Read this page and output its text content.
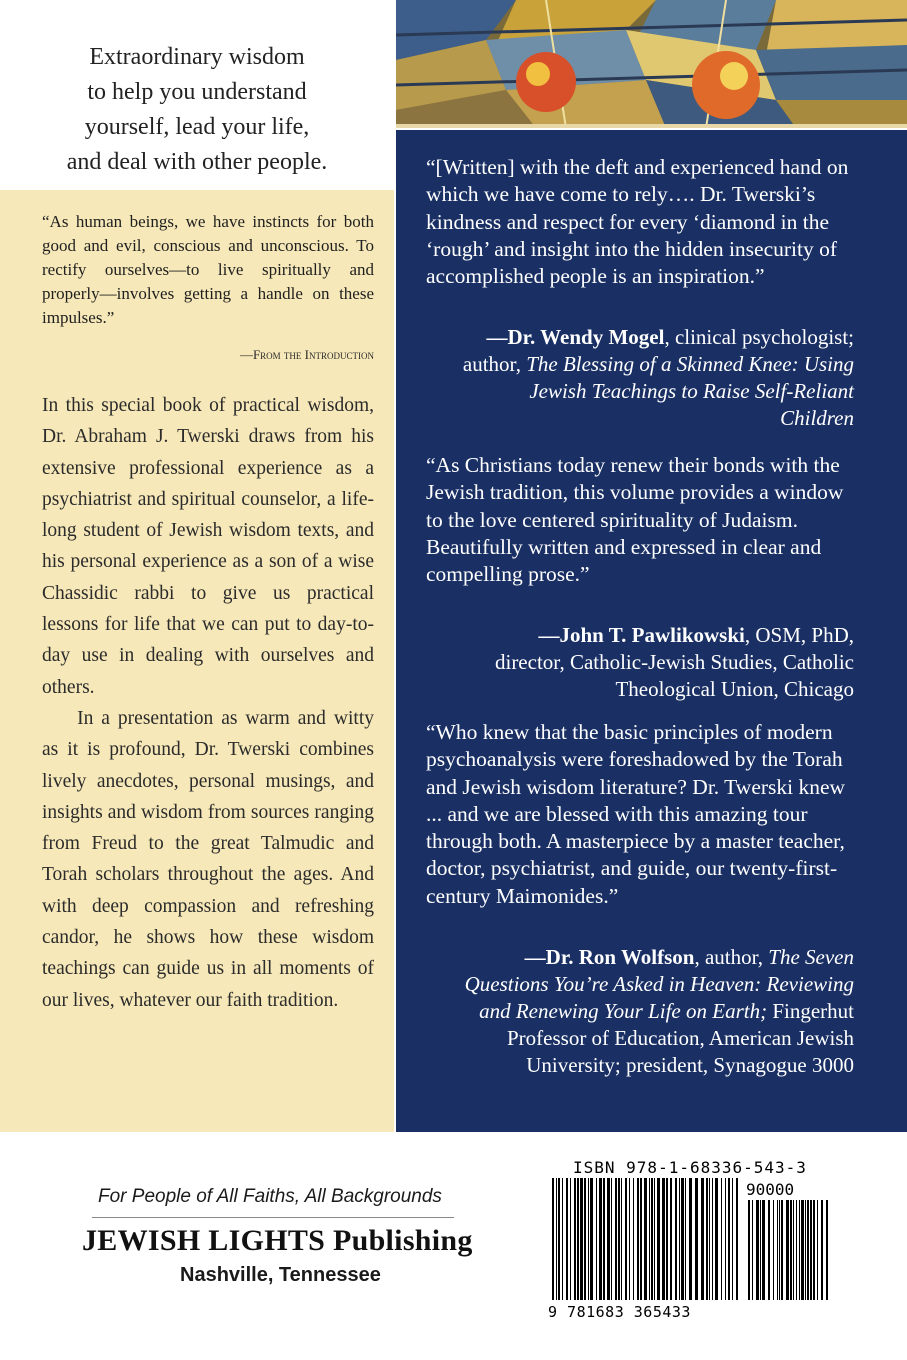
Extraordinary wisdom
to help you understand
yourself, lead your life,
and deal with other people.
“As human beings, we have instincts for both good and evil, conscious and unconscious. To rectify ourselves—to live spiritually and properly—involves getting a handle on these impulses.”
—From the Introduction

In this special book of practical wisdom, Dr. Abraham J. Twerski draws from his extensive professional experience as a psychiatrist and spiritual counselor, a life-long student of Jewish wisdom texts, and his personal experience as a son of a wise Chassidic rabbi to give us practical lessons for life that we can put to day-to-day use in dealing with ourselves and others.

In a presentation as warm and witty as it is profound, Dr. Twerski combines lively anecdotes, personal musings, and insights and wisdom from sources ranging from Freud to the great Talmudic and Torah scholars throughout the ages. And with deep compassion and refreshing candor, he shows how these wisdom teachings can guide us in all moments of our lives, whatever our faith tradition.

“[Written] with the deft and experienced hand on which we have come to rely…. Dr. Twerski’s kindness and respect for every ‘diamond in the ‘rough’ and insight into the hidden insecurity of accomplished people is an inspiration.”
—Dr. Wendy Mogel, clinical psychologist; author, The Blessing of a Skinned Knee: Using Jewish Teachings to Raise Self-Reliant Children
“As Christians today renew their bonds with the Jewish tradition, this volume provides a window to the love centered spirituality of Judaism. Beautifully written and expressed in clear and compelling prose.”
—John T. Pawlikowski, OSM, PhD, director, Catholic-Jewish Studies, Catholic Theological Union, Chicago
“Who knew that the basic principles of modern psychoanalysis were foreshadowed by the Torah and Jewish wisdom literature? Dr. Twerski knew ... and we are blessed with this amazing tour through both. A masterpiece by a master teacher, doctor, psychiatrist, and guide, our twenty-first-century Maimonides.”
—Dr. Ron Wolfson, author, The Seven Questions You’re Asked in Heaven: Reviewing and Renewing Your Life on Earth; Fingerhut Professor of Education, American Jewish University; president, Synagogue 3000
For People of All Faiths, All Backgrounds
JEWISH LIGHTS Publishing
Nashville, Tennessee
ISBN 978-1-68336-543-3
90000
9 781683 365433
